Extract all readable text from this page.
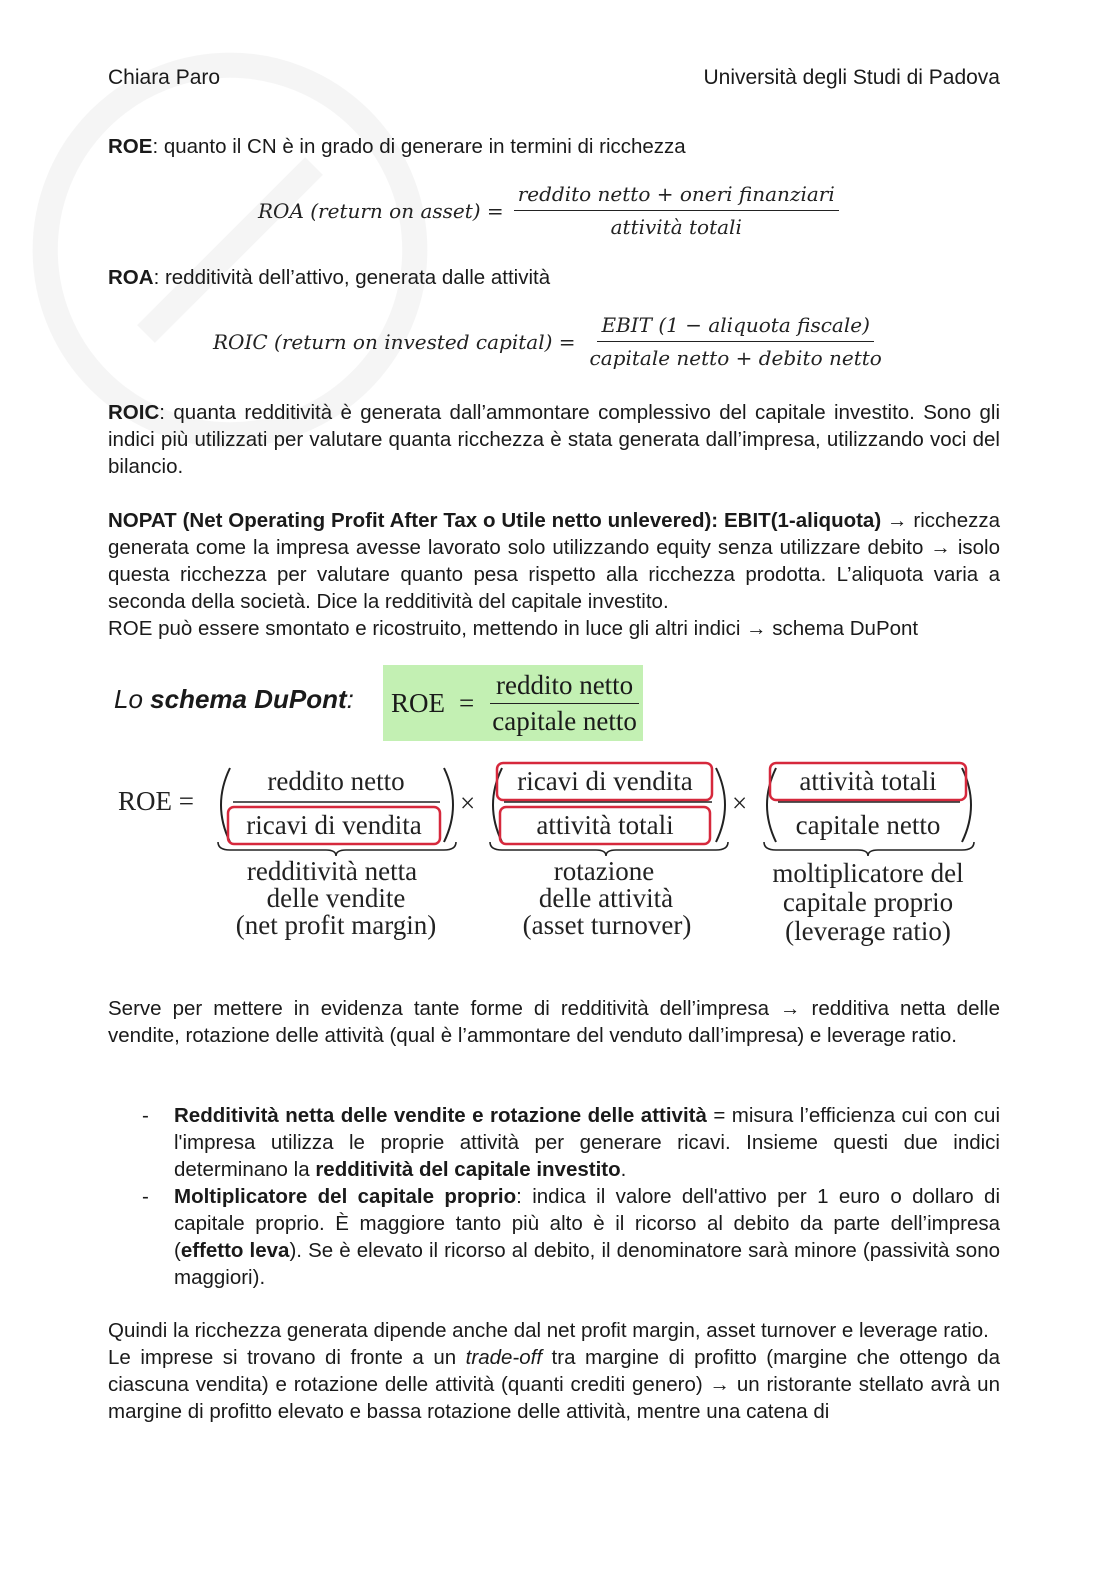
Chiara Paro	Università degli Studi di Padova
ROE: quanto il CN è in grado di generare in termini di ricchezza
ROA (return on asset) = $\frac{\text{reddito netto + oneri finanziari}}{\text{attività totali}}$
ROA: redditività dell’attivo, generata dalle attività
ROIC (return on invested capital) = $\frac{\text{EBIT (1 − aliquota fiscale)}}{\text{capitale netto + debito netto}}$
ROIC: quanta redditività è generata dall’ammontare complessivo del capitale investito. Sono gli indici più utilizzati per valutare quanta ricchezza è stata generata dall’impresa, utilizzando voci del bilancio.
NOPAT (Net Operating Profit After Tax o Utile netto unlevered): EBIT(1-aliquota) → ricchezza generata come la impresa avesse lavorato solo utilizzando equity senza utilizzare debito → isolo questa ricchezza per valutare quanto pesa rispetto alla ricchezza prodotta. L’aliquota varia a seconda della società. Dice la redditività del capitale investito.
ROE può essere smontato e ricostruito, mettendo in luce gli altri indici → schema DuPont
Lo schema DuPont: ROE =
reddito netto
capitale netto
ROE =
reddito netto
ricavi di vendita
×
ricavi di vendita
attività totali
×
attività totali
capitale netto
redditività netta
delle vendite
(net profit margin)
rotazione
delle attività
(asset turnover)
moltiplicatore del
capitale proprio
(leverage ratio)
Serve per mettere in evidenza tante forme di redditività dell’impresa → redditiva netta delle vendite, rotazione delle attività (qual è l’ammontare del venduto dall’impresa) e leverage ratio.
-	Redditività netta delle vendite e rotazione delle attività = misura l’efficienza cui con cui l'impresa utilizza le proprie attività per generare ricavi. Insieme questi due indici determinano la redditività del capitale investito.
-	Moltiplicatore del capitale proprio: indica il valore dell'attivo per 1 euro o dollaro di capitale proprio. È maggiore tanto più alto è il ricorso al debito da parte dell’impresa (effetto leva). Se è elevato il ricorso al debito, il denominatore sarà minore (passività sono maggiori).
Quindi la ricchezza generata dipende anche dal net profit margin, asset turnover e leverage ratio.
Le imprese si trovano di fronte a un trade-off tra margine di profitto (margine che ottengo da ciascuna vendita) e rotazione delle attività (quanti crediti genero) → un ristorante stellato avrà un margine di profitto elevato e bassa rotazione delle attività, mentre una catena di
